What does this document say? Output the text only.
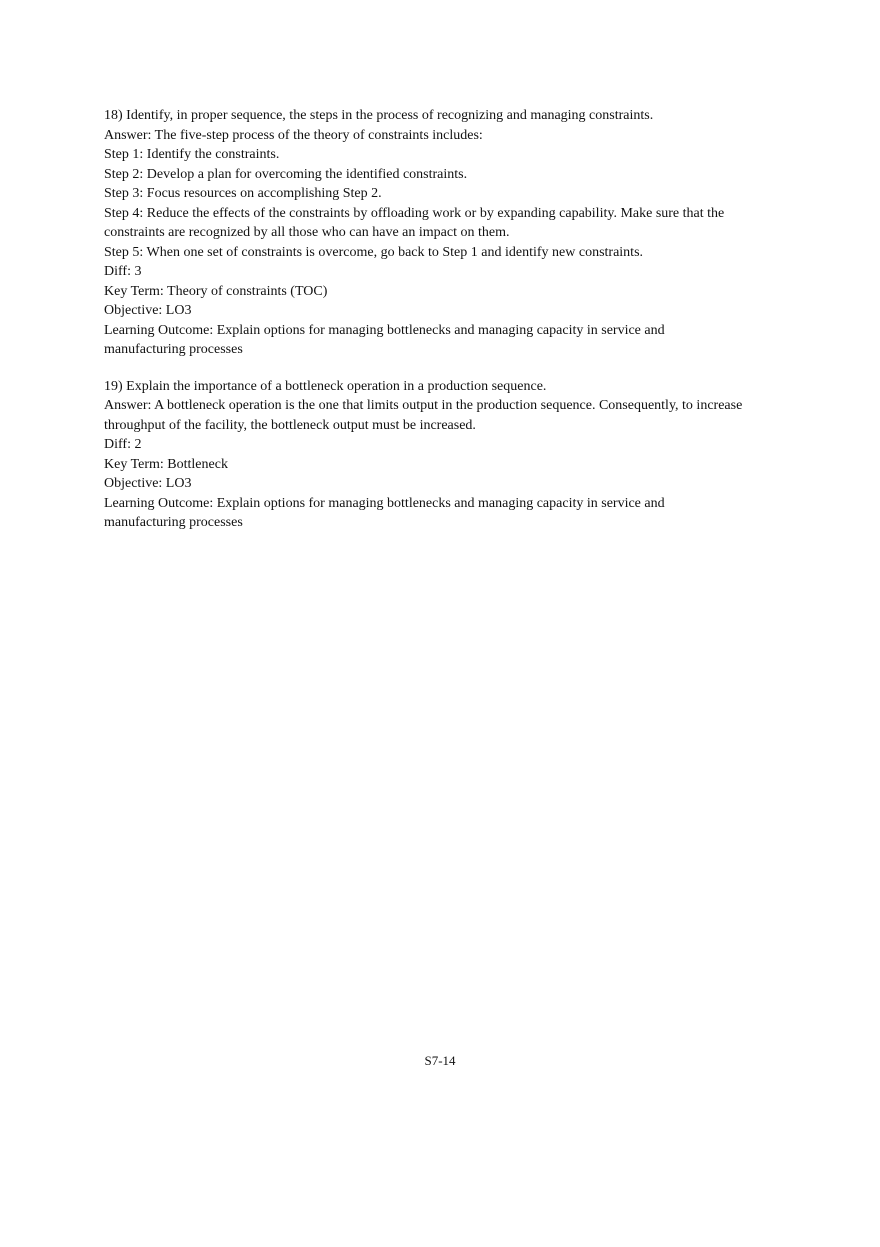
18) Identify, in proper sequence, the steps in the process of recognizing and managing constraints.
Answer: The five-step process of the theory of constraints includes:
Step 1: Identify the constraints.
Step 2: Develop a plan for overcoming the identified constraints.
Step 3: Focus resources on accomplishing Step 2.
Step 4: Reduce the effects of the constraints by offloading work or by expanding capability. Make sure that the constraints are recognized by all those who can have an impact on them.
Step 5: When one set of constraints is overcome, go back to Step 1 and identify new constraints.
Diff: 3
Key Term: Theory of constraints (TOC)
Objective: LO3
Learning Outcome: Explain options for managing bottlenecks and managing capacity in service and manufacturing processes
19) Explain the importance of a bottleneck operation in a production sequence.
Answer: A bottleneck operation is the one that limits output in the production sequence. Consequently, to increase throughput of the facility, the bottleneck output must be increased.
Diff: 2
Key Term: Bottleneck
Objective: LO3
Learning Outcome: Explain options for managing bottlenecks and managing capacity in service and manufacturing processes
S7-14
